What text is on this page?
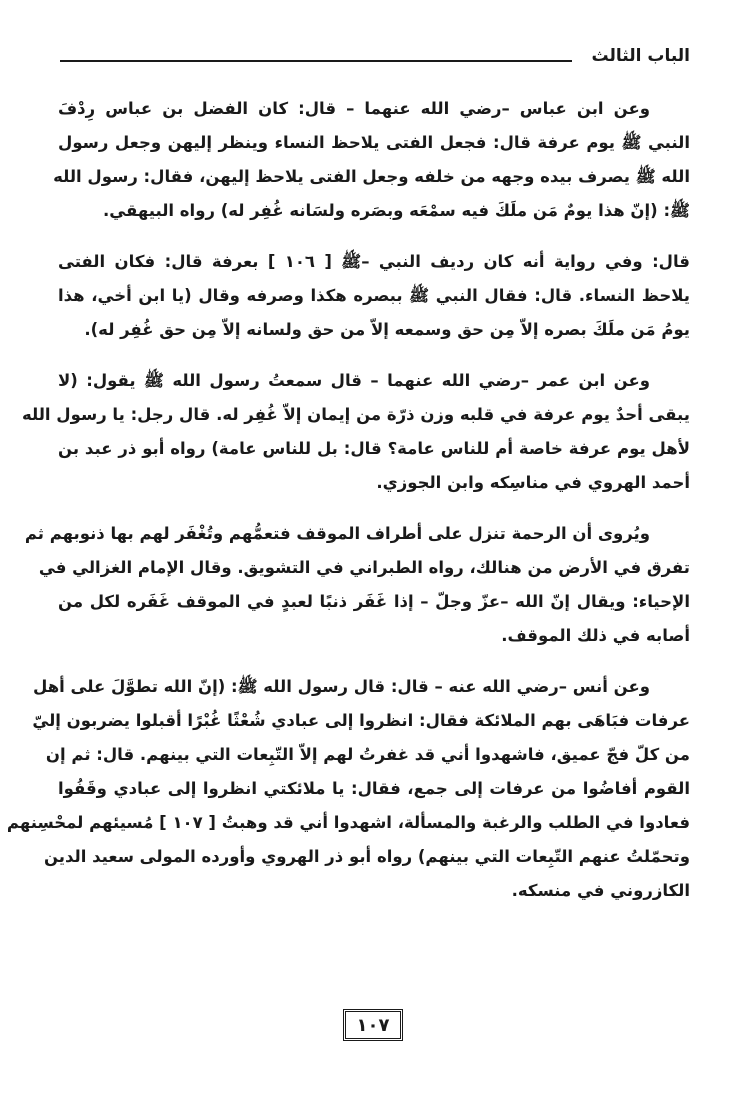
الباب الثالث
وعن ابن عباس –رضي الله عنهما – قال: كان الفضل بن عباس رِدْفَ
النبي ﷺ يوم عرفة قال: فجعل الفتى يلاحظ النساء وينظر إليهن وجعل رسول
الله ﷺ يصرف بيده وجهه من خلفه وجعل الفتى يلاحظ إليهن، فقال: رسول الله
ﷺ: (إنّ هذا يومٌ مَن ملَكَ فيه سمْعَه وبصَره ولسَانه غُفِر له) رواه البيهقي.
قال: وفي رواية أنه كان رديف النبي –ﷺ [ ١٠٦ ] بعرفة قال: فكان الفتى
يلاحظ النساء. قال: فقال النبي ﷺ ببصره هكذا وصرفه وقال (يا ابن أخي، هذا
يومُ مَن ملَكَ بصره إلاّ مِن حق وسمعه إلاّ من حق ولسانه إلاّ مِن حق غُفِر له).
وعن ابن عمر –رضي الله عنهما – قال سمعتُ رسول الله ﷺ يقول: (لا
يبقى أحدٌ يوم عرفة في قلبه وزن ذرّة من إيمان إلاّ غُفِر له. قال رجل: يا رسول الله
لأهل يوم عرفة خاصة أم للناس عامة؟ قال: بل للناس عامة) رواه أبو ذر عبد بن
أحمد الهروي في مناسِكه وابن الجوزي.
ويُروى أن الرحمة تنزل على أطراف الموقف فتعمُّهم وتُغْفَر لهم بها ذنوبهم ثم
تفرق في الأرض من هنالك، رواه الطبراني في التشويق. وقال الإمام الغزالي في
الإحياء: ويقال إنّ الله –عزّ وجلّ – إذا غَفَر ذنبًا لعبدٍ في الموقف غَفَره لكل من
أصابه في ذلك الموقف.
وعن أنس –رضي الله عنه – قال: قال رسول الله ﷺ: (إنّ الله تطوَّلَ على أهل
عرفات فبَاهَى بهم الملائكة فقال: انظروا إلى عبادي شُعْثًا غُبْرًا أقبلوا يضربون إليّ
من كلّ فجّ عميق، فاشهدوا أني قد غفرتُ لهم إلاّ التّبِعات التي بينهم. قال: ثم إن
القوم أفاضُوا من عرفات إلى جمع، فقال: يا ملائكتي انظروا إلى عبادي وقَفُوا
فعادوا في الطلب والرغبة والمسألة، اشهدوا أني قد وهبتُ [ ١٠٧ ] مُسيئهم لمحْسِنهم
وتحمّلتُ عنهم التّبِعات التي بينهم) رواه أبو ذر الهروي وأورده المولى سعيد الدين
الكازروني في منسكه.
١٠٧
